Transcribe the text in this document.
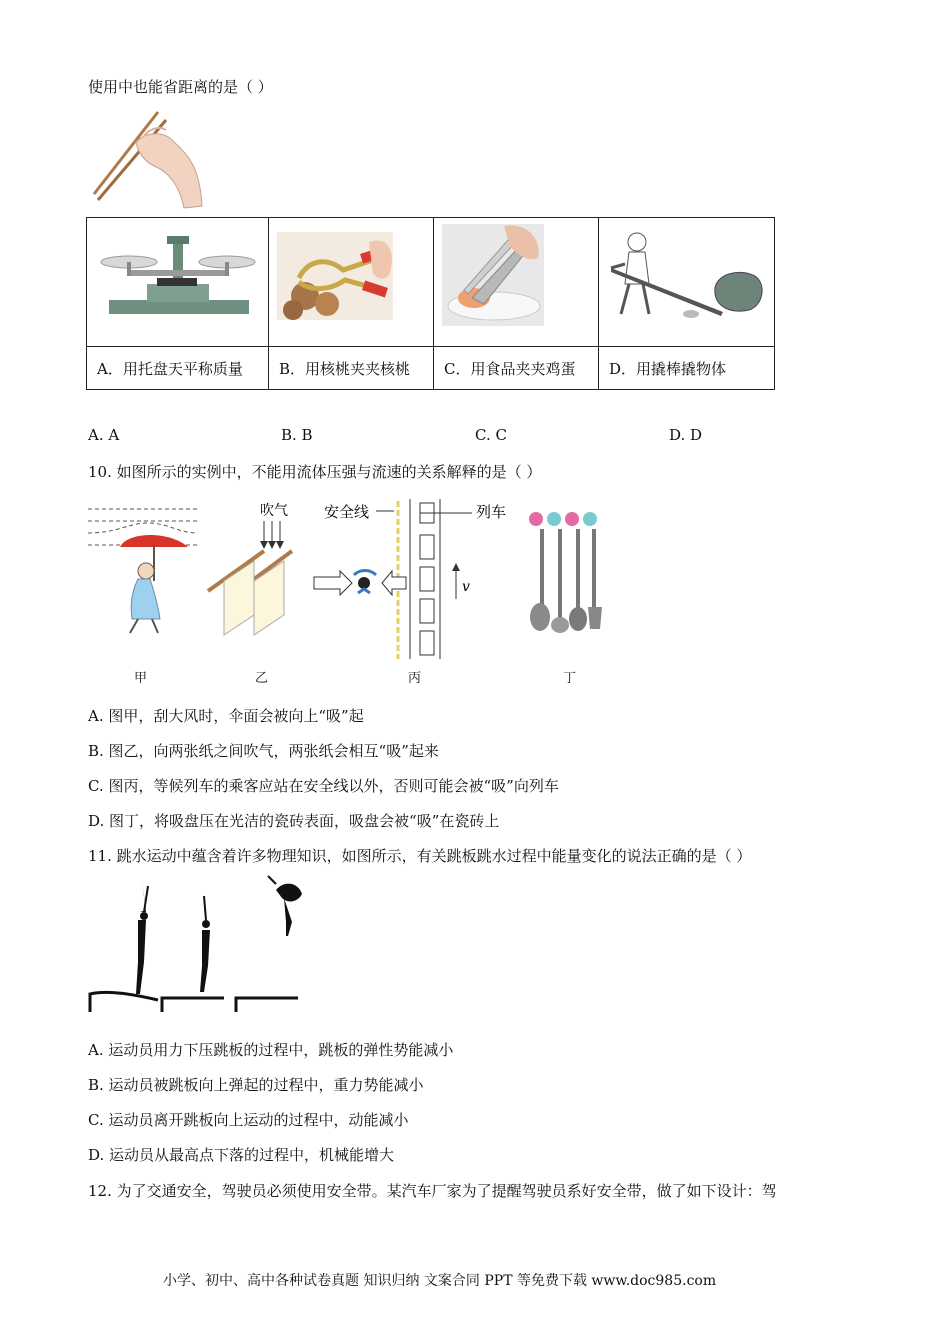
使用中也能省距离的是（ ）

A．用托盘天平称质量	B．用核桃夹夹核桃	C．用食品夹夹鸡蛋	D．用撬棒撬物体
A. A	B. B	C. C	D. D
10. 如图所示的实例中，不能用流体压强与流速的关系解释的是（ ）
吹气 安全线	列车
v
甲	乙	丙	丁
A. 图甲，刮大风时，伞面会被向上“吸”起
B. 图乙，向两张纸之间吹气，两张纸会相互“吸”起来
C. 图丙，等候列车的乘客应站在安全线以外，否则可能会被“吸”向列车
D. 图丁，将吸盘压在光洁的瓷砖表面，吸盘会被“吸”在瓷砖上
11. 跳水运动中蕴含着许多物理知识，如图所示，有关跳板跳水过程中能量变化的说法正确的是（ ）
A. 运动员用力下压跳板的过程中，跳板的弹性势能减小
B. 运动员被跳板向上弹起的过程中，重力势能减小
C. 运动员离开跳板向上运动的过程中，动能减小
D. 运动员从最高点下落的过程中，机械能增大
12. 为了交通安全，驾驶员必须使用安全带。某汽车厂家为了提醒驾驶员系好安全带，做了如下设计：驾
小学、初中、高中各种试卷真题 知识归纳 文案合同 PPT 等免费下载 www.doc985.com
